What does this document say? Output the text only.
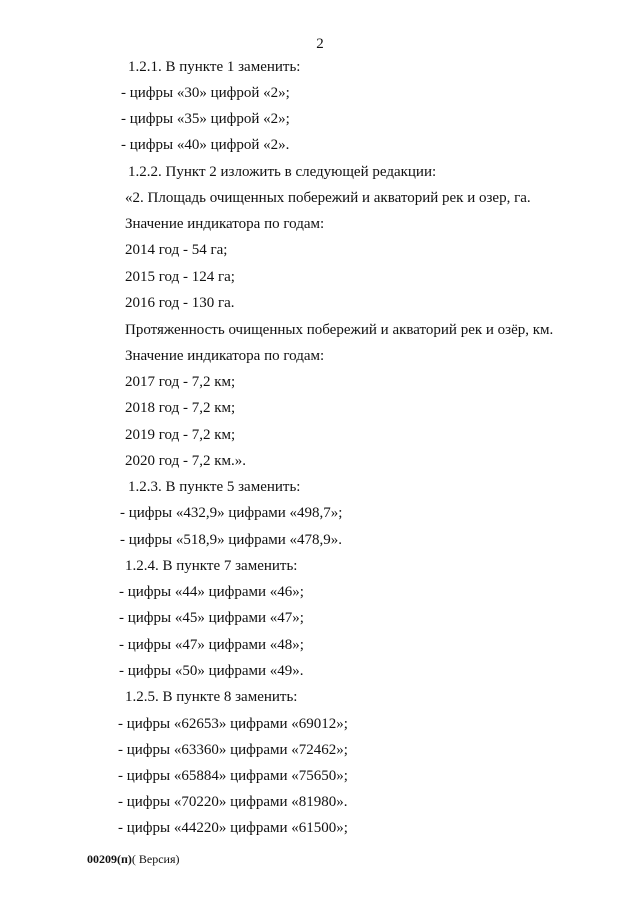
2
1.2.1. В пункте 1 заменить:
- цифры «30» цифрой «2»;
- цифры «35» цифрой «2»;
- цифры «40» цифрой «2».
1.2.2. Пункт 2 изложить в следующей редакции:
«2. Площадь очищенных побережий и акваторий рек и озер, га.
Значение индикатора по годам:
2014 год - 54 га;
2015 год - 124 га;
2016 год - 130 га.
Протяженность очищенных побережий и акваторий рек и озёр, км.
Значение индикатора по годам:
2017 год - 7,2 км;
2018 год - 7,2 км;
2019 год - 7,2 км;
2020 год - 7,2 км.».
1.2.3. В пункте 5 заменить:
- цифры «432,9» цифрами «498,7»;
- цифры «518,9» цифрами «478,9».
1.2.4. В пункте 7 заменить:
- цифры «44» цифрами «46»;
- цифры «45» цифрами «47»;
- цифры «47» цифрами «48»;
- цифры «50» цифрами «49».
1.2.5. В пункте 8 заменить:
- цифры «62653» цифрами «69012»;
- цифры «63360» цифрами «72462»;
- цифры «65884» цифрами «75650»;
- цифры «70220» цифрами «81980».
- цифры «44220» цифрами «61500»;
00209(п)( Версия)
